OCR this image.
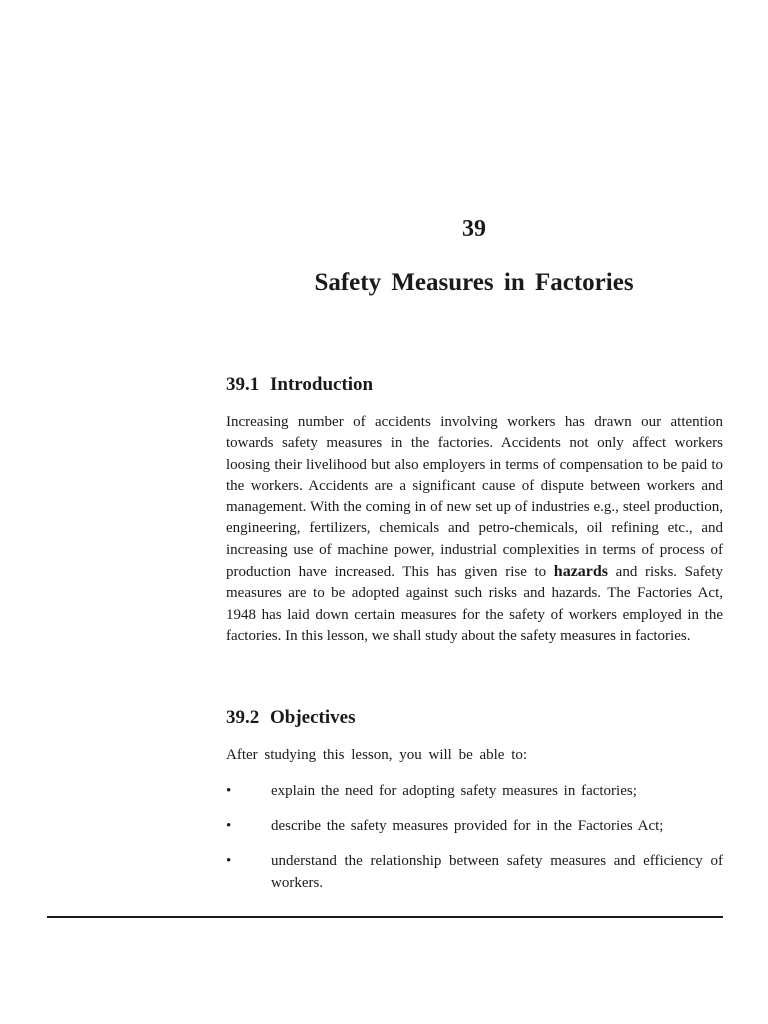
39
Safety Measures in Factories
39.1 Introduction

Increasing number of accidents involving workers has drawn our attention towards safety measures in the factories. Accidents not only affect workers loosing their livelihood but also employers in terms of compensation to be paid to the workers. Accidents are a significant cause of dispute between workers and management. With the coming in of new set up of industries e.g., steel production, engineering, fertilizers, chemicals and petro-chemicals, oil refining etc., and increasing use of machine power, industrial complexities in terms of process of production have increased. This has given rise to hazards and risks. Safety measures are to be adopted against such risks and hazards. The Factories Act, 1948 has laid down certain measures for the safety of workers employed in the factories. In this lesson, we shall study about the safety measures in factories.

39.2 Objectives

After studying this lesson, you will be able to:

•	explain the need for adopting safety measures in factories;
•	describe the safety measures provided for in the Factories Act;
•	understand the relationship between safety measures and efficiency of workers.
